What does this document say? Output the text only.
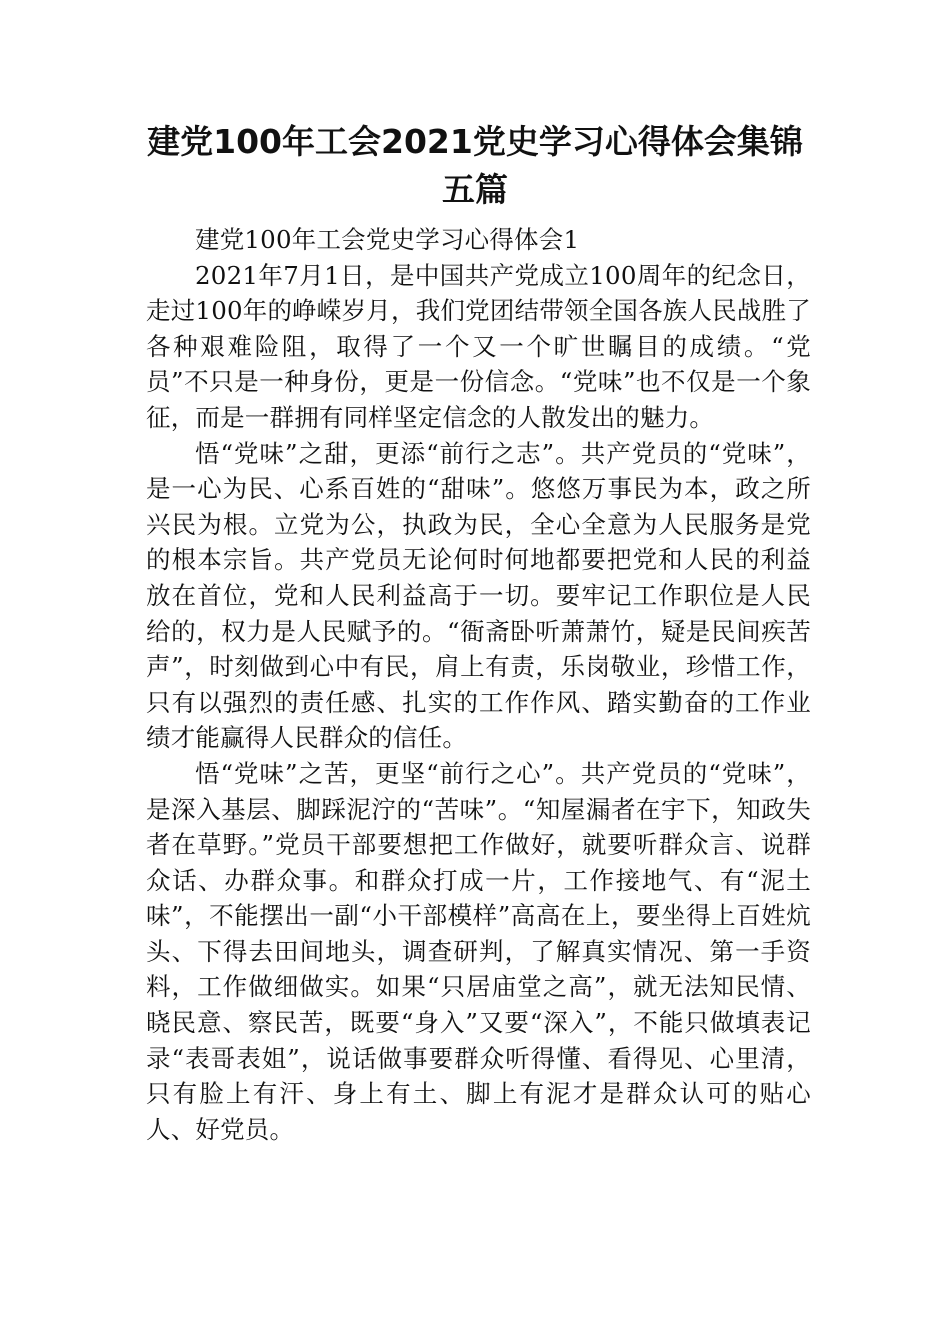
建党100年工会2021党史学习心得体会集锦
五篇

建党100年工会党史学习心得体会1

2021年7月1日，是中国共产党成立100周年的纪念日，走过100年的峥嵘岁月，我们党团结带领全国各族人民战胜了各种艰难险阻，取得了一个又一个旷世瞩目的成绩。“党员”不只是一种身份，更是一份信念。“党味”也不仅是一个象征，而是一群拥有同样坚定信念的人散发出的魅力。

悟“党味”之甜，更添“前行之志”。共产党员的“党味”，是一心为民、心系百姓的“甜味”。悠悠万事民为本，政之所兴民为根。立党为公，执政为民，全心全意为人民服务是党的根本宗旨。共产党员无论何时何地都要把党和人民的利益放在首位，党和人民利益高于一切。要牢记工作职位是人民给的，权力是人民赋予的。“衙斋卧听萧萧竹，疑是民间疾苦声”，时刻做到心中有民，肩上有责，乐岗敬业，珍惜工作，只有以强烈的责任感、扎实的工作作风、踏实勤奋的工作业绩才能赢得人民群众的信任。

悟“党味”之苦，更坚“前行之心”。共产党员的“党味”，是深入基层、脚踩泥泞的“苦味”。“知屋漏者在宇下，知政失者在草野。”党员干部要想把工作做好，就要听群众言、说群众话、办群众事。和群众打成一片，工作接地气、有“泥土味”，不能摆出一副“小干部模样”高高在上，要坐得上百姓炕头、下得去田间地头，调查研判，了解真实情况、第一手资料，工作做细做实。如果“只居庙堂之高”，就无法知民情、晓民意、察民苦，既要“身入”又要“深入”，不能只做填表记录“表哥表姐”，说话做事要群众听得懂、看得见、心里清，只有脸上有汗、身上有土、脚上有泥才是群众认可的贴心人、好党员。
